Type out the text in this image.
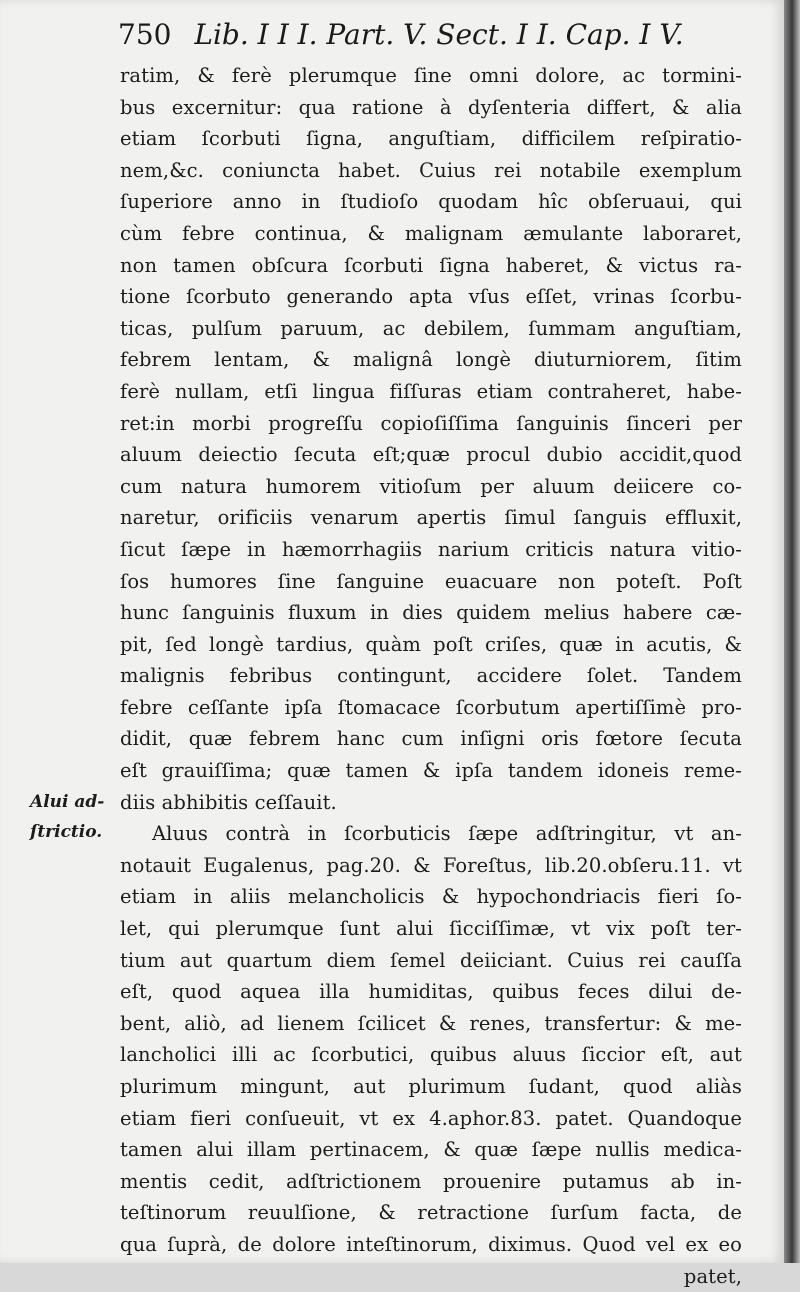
750 Lib. I I I. Part. V. Sect. I I. Cap. I V.
Alui ad-
ſtrictio.
ratim, & ferè plerumque ſine omni dolore, ac tormini-
bus excernitur: qua ratione à dyſenteria differt, & alia
etiam ſcorbuti ſigna, anguſtiam, difficilem reſpiratio-
nem,&c. coniuncta habet. Cuius rei notabile exemplum
ſuperiore anno in ſtudioſo quodam hîc obſeruaui, qui
cùm febre continua, & malignam æmulante laboraret,
non tamen obſcura ſcorbuti ſigna haberet, & victus ra-
tione ſcorbuto generando apta vſus eſſet, vrinas ſcorbu-
ticas, pulſum paruum, ac debilem, ſummam anguſtiam,
febrem lentam, & malignâ longè diuturniorem, ſitim
ferè nullam, etſi lingua fiſſuras etiam contraheret, habe-
ret:in morbi progreſſu copioſiſſima ſanguinis ſinceri per
aluum deiectio ſecuta eſt;quæ procul dubio accidit,quod
cum natura humorem vitioſum per aluum deiicere co-
naretur, orificiis venarum apertis ſimul ſanguis effluxit,
ſicut ſæpe in hæmorrhagiis narium criticis natura vitio-
ſos humores ſine ſanguine euacuare non poteſt. Poſt
hunc ſanguinis fluxum in dies quidem melius habere cæ-
pit, ſed longè tardius, quàm poſt criſes, quæ in acutis, &
malignis febribus contingunt, accidere ſolet. Tandem
febre ceſſante ipſa ſtomacace ſcorbutum apertiſſimè pro-
didit, quæ febrem hanc cum inſigni oris fœtore ſecuta
eſt grauiſſima; quæ tamen & ipſa tandem idoneis reme-
diis abhibitis ceſſauit.
Aluus contrà in ſcorbuticis ſæpe adſtringitur, vt an-
notauit Eugalenus, pag.20. & Foreſtus, lib.20.obſeru.11. vt
etiam in aliis melancholicis & hypochondriacis fieri ſo-
let, qui plerumque ſunt alui ſicciſſimæ, vt vix poſt ter-
tium aut quartum diem ſemel deiiciant. Cuius rei cauſſa
eſt, quod aquea illa humiditas, quibus feces dilui de-
bent, aliò, ad lienem ſcilicet & renes, transfertur: & me-
lancholici illi ac ſcorbutici, quibus aluus ſiccior eſt, aut
plurimum mingunt, aut plurimum ſudant, quod aliàs
etiam fieri conſueuit, vt ex 4.aphor.83. patet. Quandoque
tamen alui illam pertinacem, & quæ ſæpe nullis medica-
mentis cedit, adſtrictionem prouenire putamus ab in-
teſtinorum reuulſione, & retractione ſurſum facta, de
qua ſuprà, de dolore inteſtinorum, diximus. Quod vel ex eo
patet,
